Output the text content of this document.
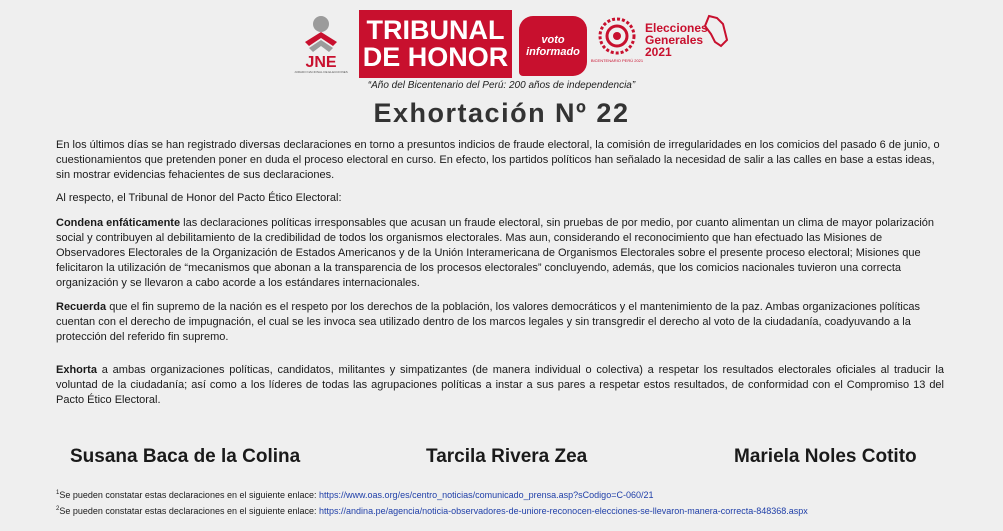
JNE
JURADO NACIONAL DE ELECCIONES
TRIBUNAL
DE HONOR
voto
informado
BICENTENARIO PERÚ 2021
Elecciones
Generales
2021
“Año del Bicentenario del Perú: 200 años de independencia”
Exhortación Nº 22

En los últimos días se han registrado diversas declaraciones en torno a presuntos indicios de fraude electoral, la comisión de irregularidades en los comicios del pasado 6 de junio, o cuestionamientos que pretenden poner en duda el proceso electoral en curso. En efecto, los partidos políticos han señalado la necesidad de salir a las calles en base a estas ideas, sin mostrar evidencias fehacientes de sus declaraciones.

Al respecto, el Tribunal de Honor del Pacto Ético Electoral:

Condena enfáticamente las declaraciones políticas irresponsables que acusan un fraude electoral, sin pruebas de por medio, por cuanto alimentan un clima de mayor polarización social y contribuyen al debilitamiento de la credibilidad de todos los organismos electorales. Mas aun, considerando el reconocimiento que han efectuado las Misiones de Observadores Electorales de la Organización de Estados Americanos y de la Unión Interamericana de Organismos Electorales sobre el presente proceso electoral; Misiones que felicitaron la utilización de “mecanismos que abonan a la transparencia de los procesos electorales” concluyendo, además, que los comicios nacionales tuvieron una correcta organización y se llevaron a cabo acorde a los estándares internacionales.

Recuerda que el fin supremo de la nación es el respeto por los derechos de la población, los valores democráticos y el mantenimiento de la paz. Ambas organizaciones políticas cuentan con el derecho de impugnación, el cual se les invoca sea utilizado dentro de los marcos legales y sin transgredir el derecho al voto de la ciudadanía, coadyuvando a la protección del referido fin supremo.

Exhorta a ambas organizaciones políticas, candidatos, militantes y simpatizantes (de manera individual o colectiva) a respetar los resultados electorales oficiales al traducir la voluntad de la ciudadanía; así como a los líderes de todas las agrupaciones políticas a instar a sus pares a respetar estos resultados, de conformidad con el Compromiso 13 del Pacto Ético Electoral.

Susana Baca de la Colina	Tarcila Rivera Zea	Mariela Noles Cotito
$^1$Se pueden constatar estas declaraciones en el siguiente enlace: https://www.oas.org/es/centro_noticias/comunicado_prensa.asp?sCodigo=C-060/21
$^2$Se pueden constatar estas declaraciones en el siguiente enlace: https://andina.pe/agencia/noticia-observadores-de-uniore-reconocen-elecciones-se-llevaron-manera-correcta-848368.aspx
